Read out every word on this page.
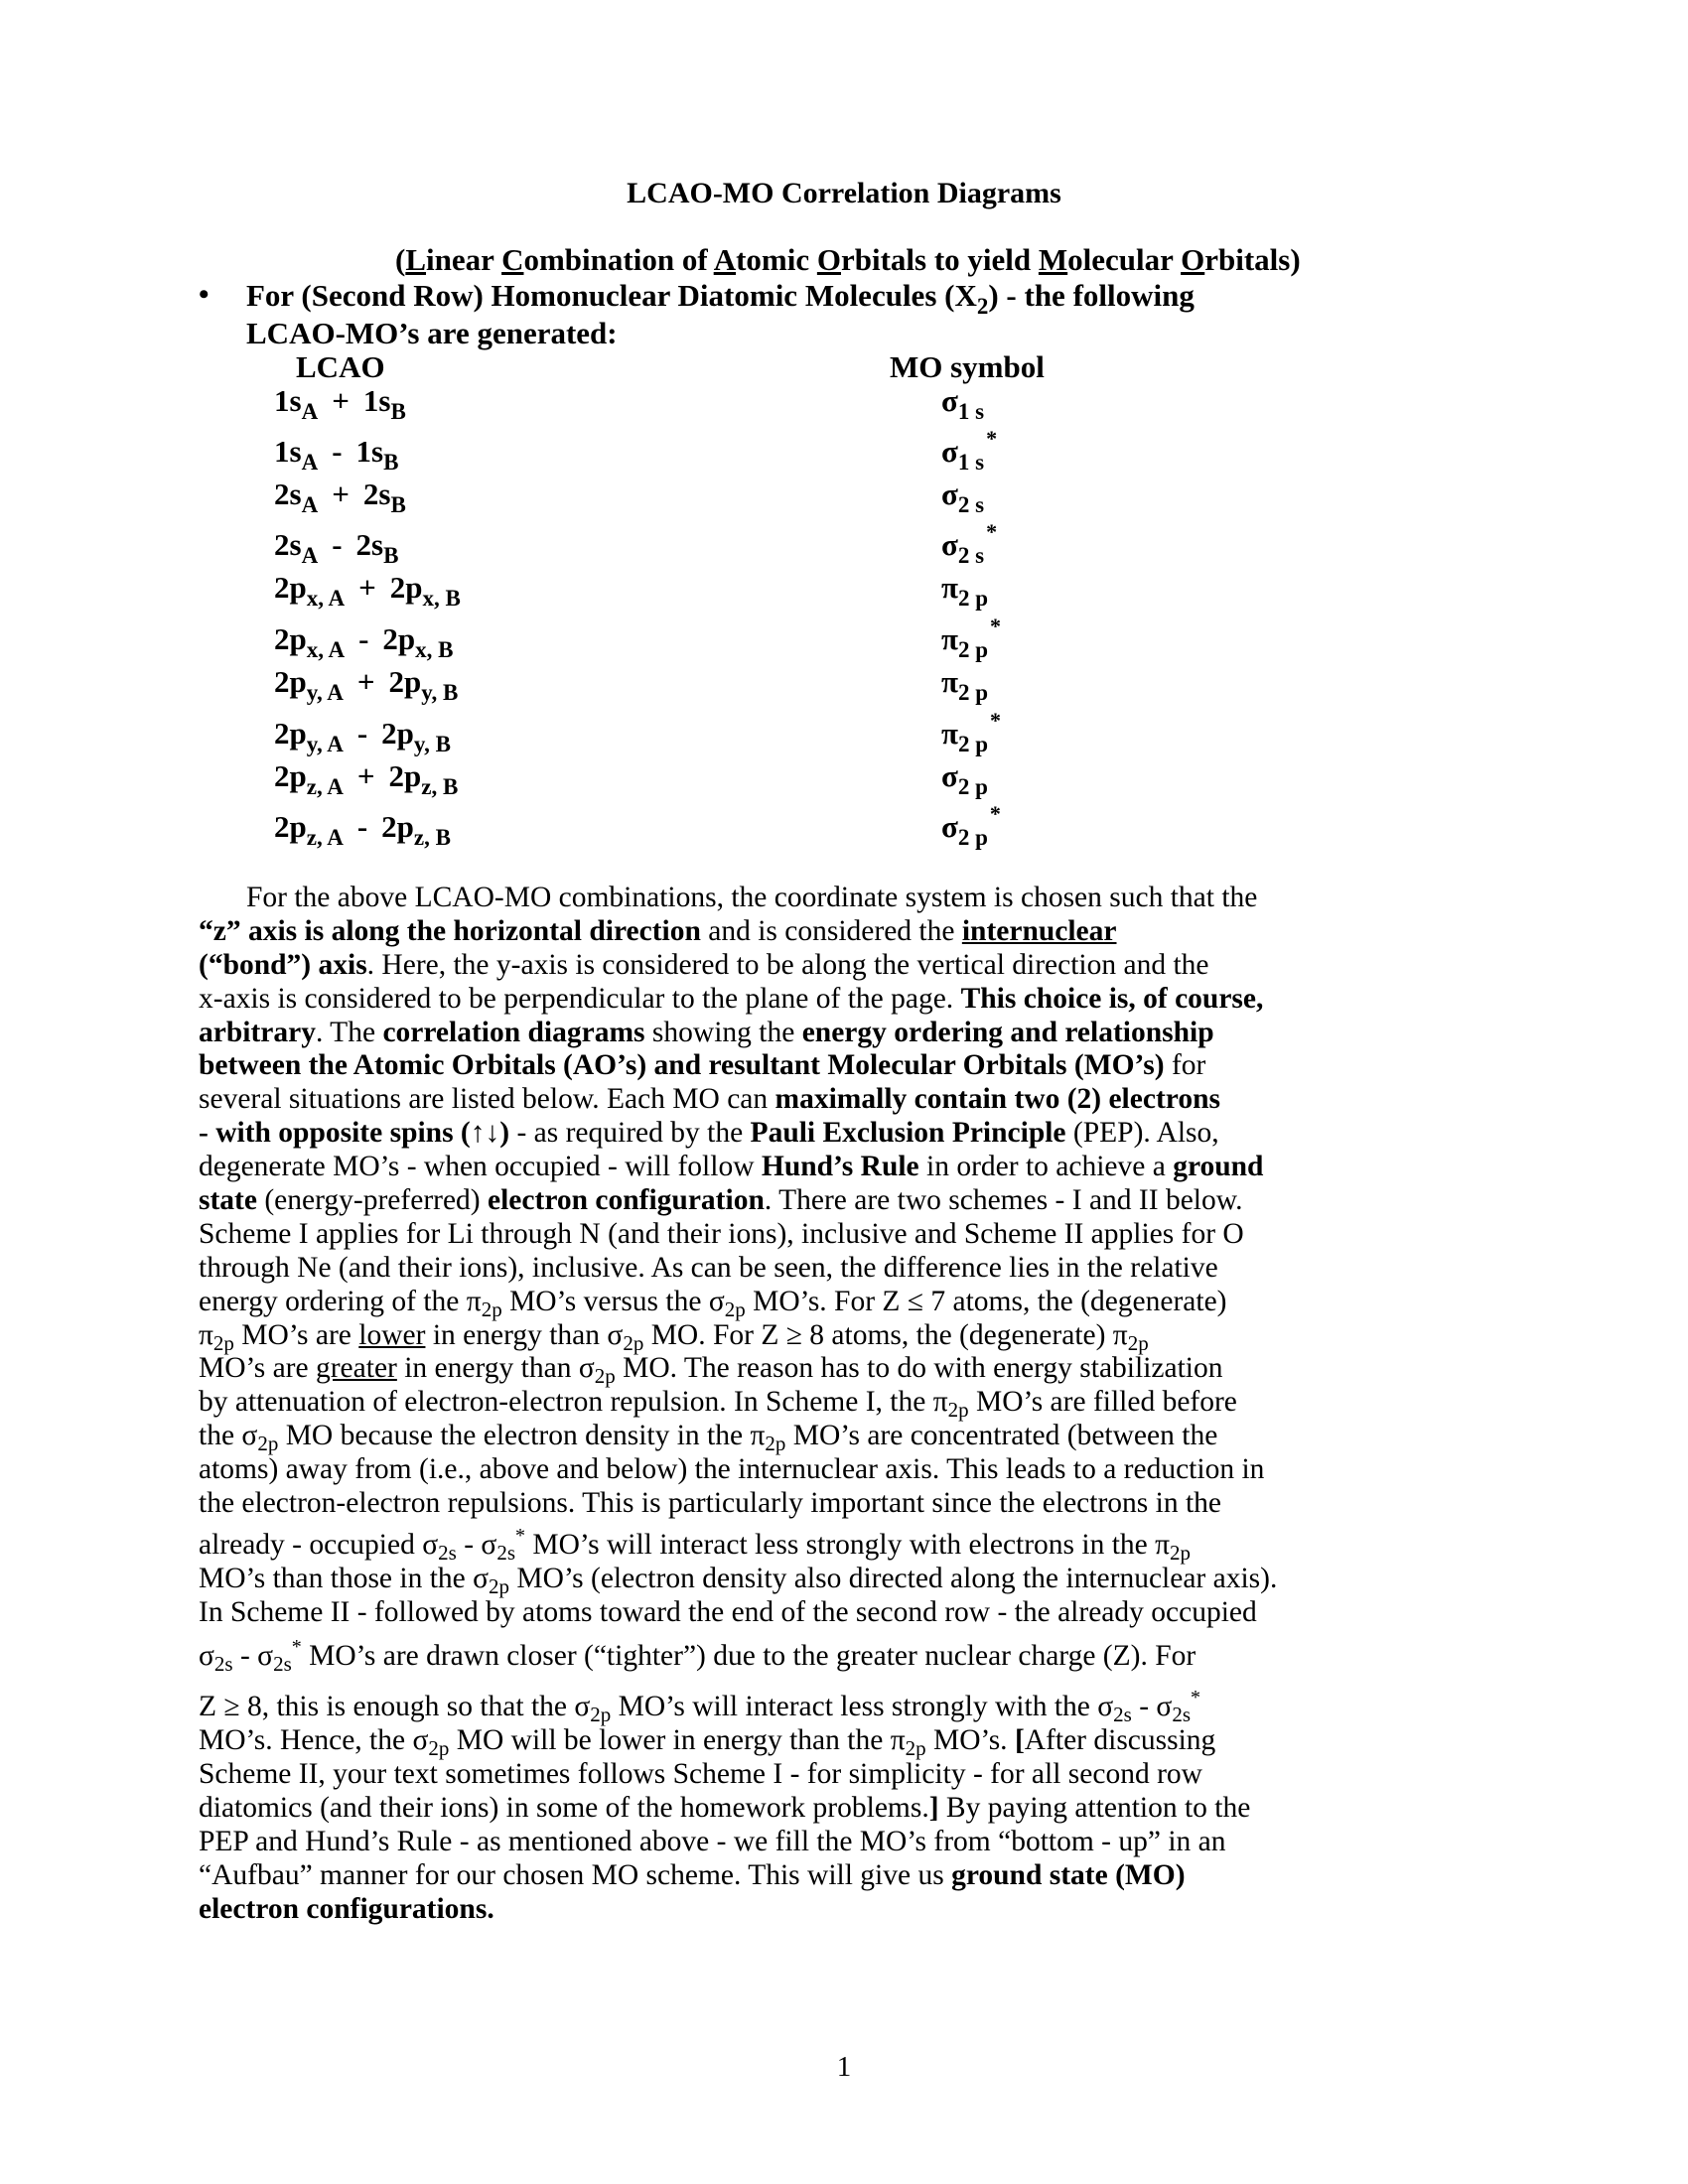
LCAO-MO Correlation Diagrams
(Linear Combination of Atomic Orbitals to yield Molecular Orbitals)
• For (Second Row) Homonuclear Diatomic Molecules $(X_2)$ - the following
LCAO-MO’s are generated:
LCAO	MO symbol
$1s_A + 1s_B$	$\sigma_{1 s}$
$1s_A - 1s_B$	$\sigma_{1 s}^*$
$2s_A + 2s_B$	$\sigma_{2 s}$
$2s_A - 2s_B$	$\sigma_{2 s}^*$
$2p_{x, A} + 2p_{x, B}$	$\pi_{2 p}$
$2p_{x, A} - 2p_{x, B}$	$\pi_{2 p}^*$
$2p_{y, A} + 2p_{y, B}$	$\pi_{2 p}$
$2p_{y, A} - 2p_{y, B}$	$\pi_{2 p}^*$
$2p_{z, A} + 2p_{z, B}$	$\sigma_{2 p}$
$2p_{z, A} - 2p_{z, B}$	$\sigma_{2 p}^*$
For the above LCAO-MO combinations, the coordinate system is chosen such that the
“z” axis is along the horizontal direction and is considered the internuclear
(“bond”) axis. Here, the y-axis is considered to be along the vertical direction and the
x-axis is considered to be perpendicular to the plane of the page. This choice is, of course,
arbitrary. The correlation diagrams showing the energy ordering and relationship
between the Atomic Orbitals (AO’s) and resultant Molecular Orbitals (MO’s) for
several situations are listed below. Each MO can maximally contain two (2) electrons
- with opposite spins (↑↓) - as required by the Pauli Exclusion Principle (PEP). Also,
degenerate MO’s - when occupied - will follow Hund’s Rule in order to achieve a ground
state (energy-preferred) electron configuration. There are two schemes - I and II below.
Scheme I applies for Li through N (and their ions), inclusive and Scheme II applies for O
through Ne (and their ions), inclusive. As can be seen, the difference lies in the relative
energy ordering of the $\pi_{2p}$ MO’s versus the $\sigma_{2p}$ MO’s. For Z ≤ 7 atoms, the (degenerate)
$\pi_{2p}$ MO’s are lower in energy than $\sigma_{2p}$ MO. For Z ≥ 8 atoms, the (degenerate) $\pi_{2p}$
MO’s are greater in energy than $\sigma_{2p}$ MO. The reason has to do with energy stabilization
by attenuation of electron-electron repulsion. In Scheme I, the $\pi_{2p}$ MO’s are filled before
the $\sigma_{2p}$ MO because the electron density in the $\pi_{2p}$ MO’s are concentrated (between the
atoms) away from (i.e., above and below) the internuclear axis. This leads to a reduction in
the electron-electron repulsions. This is particularly important since the electrons in the
already - occupied $\sigma_{2s} - \sigma_{2s}^*$ MO’s will interact less strongly with electrons in the $\pi_{2p}$
MO’s than those in the $\sigma_{2p}$ MO’s (electron density also directed along the internuclear axis).
In Scheme II - followed by atoms toward the end of the second row - the already occupied
$\sigma_{2s} - \sigma_{2s}^*$ MO’s are drawn closer (“tighter”) due to the greater nuclear charge (Z). For
Z ≥ 8, this is enough so that the $\sigma_{2p}$ MO’s will interact less strongly with the $\sigma_{2s} - \sigma_{2s}^*$
MO’s. Hence, the $\sigma_{2p}$ MO will be lower in energy than the $\pi_{2p}$ MO’s. [After discussing
Scheme II, your text sometimes follows Scheme I - for simplicity - for all second row
diatomics (and their ions) in some of the homework problems.] By paying attention to the
PEP and Hund’s Rule - as mentioned above - we fill the MO’s from “bottom - up” in an
“Aufbau” manner for our chosen MO scheme. This will give us ground state (MO)
electron configurations.
1
